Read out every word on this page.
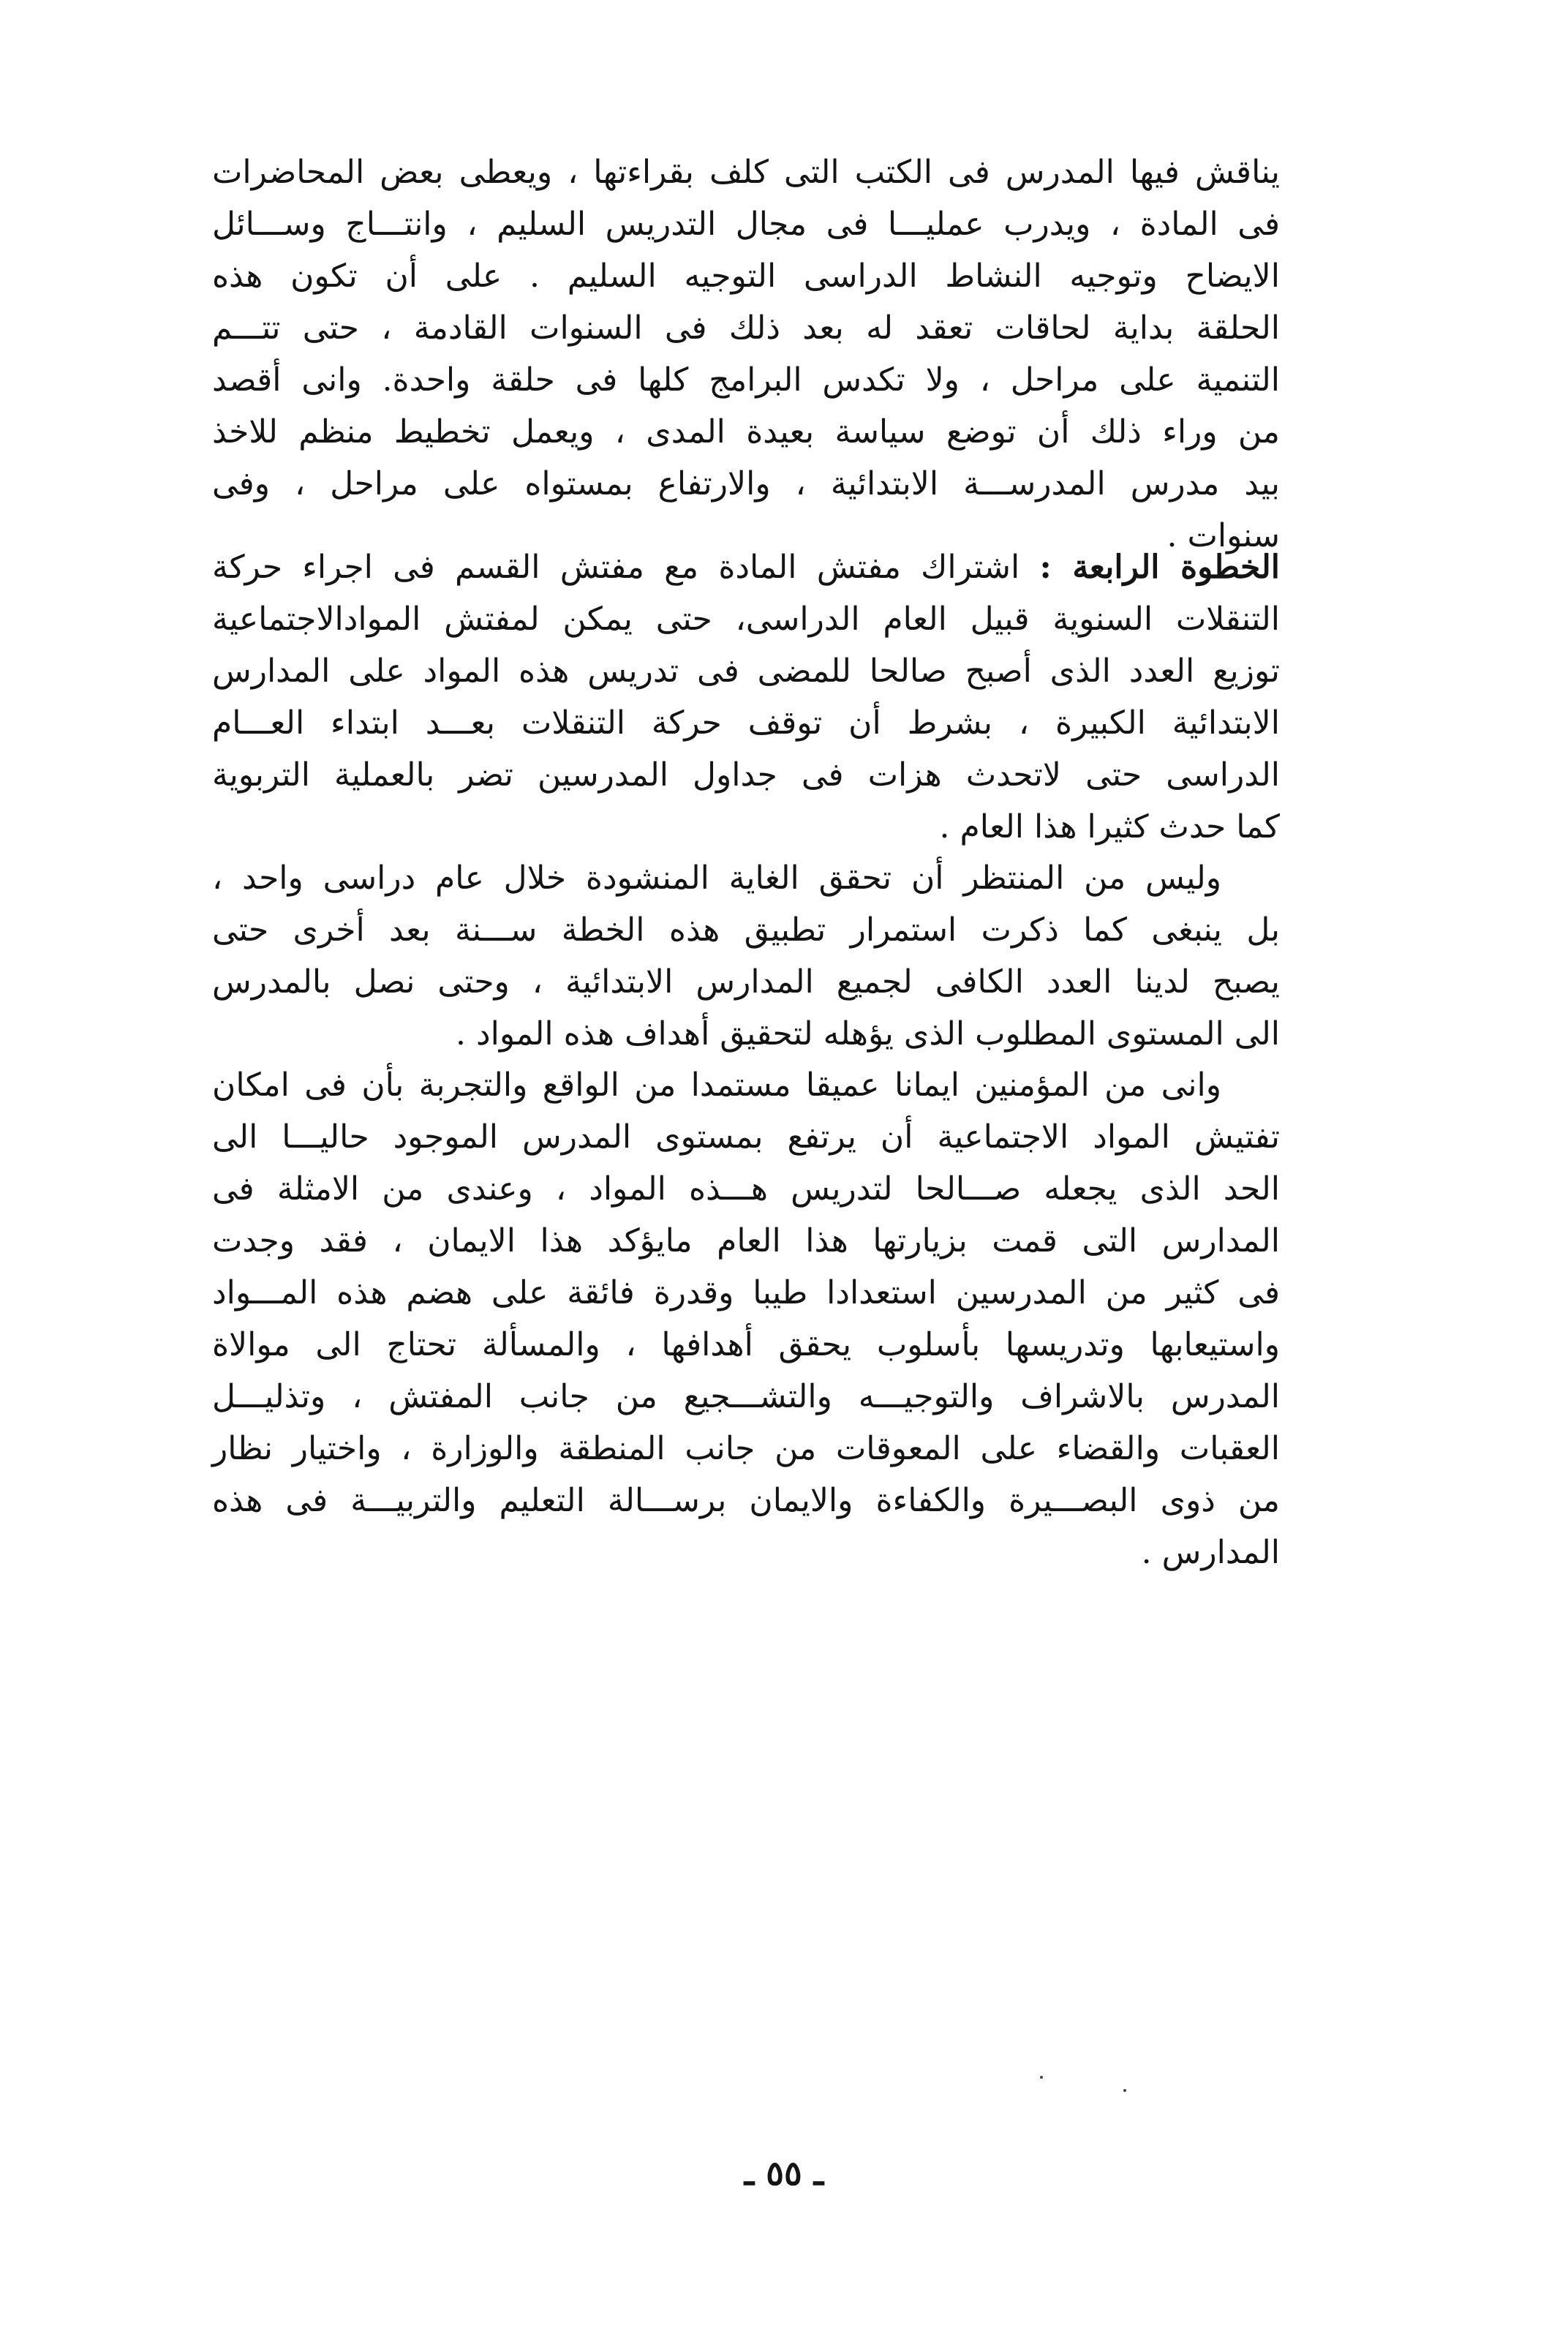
يناقش فيها المدرس فى الكتب التى كلف بقراءتها ، ويعطى بعض المحاضرات
فى المادة ، ويدرب عمليـــا فى مجال التدريس السليم ، وانتـــاج وســـائل
الايضاح وتوجيه النشاط الدراسى التوجيه السليم . على أن تكون هذه
الحلقة بداية لحاقات تعقد له بعد ذلك فى السنوات القادمة ، حتى تتـــم
التنمية على مراحل ، ولا تكدس البرامج كلها فى حلقة واحدة. وانى أقصد
من وراء ذلك أن توضع سياسة بعيدة المدى ، ويعمل تخطيط منظم للاخذ
بيد مدرس المدرســـة الابتدائية ، والارتفاع بمستواه على مراحل ، وفى
سنوات .
الخطوة الرابعة : اشتراك مفتش المادة مع مفتش القسم فى اجراء حركة
التنقلات السنوية قبيل العام الدراسى، حتى يمكن لمفتش الموادالاجتماعية
توزيع العدد الذى أصبح صالحا للمضى فى تدريس هذه المواد على المدارس
الابتدائية الكبيرة ، بشرط أن توقف حركة التنقلات بعـــد ابتداء العـــام
الدراسى حتى لاتحدث هزات فى جداول المدرسين تضر بالعملية التربوية
كما حدث كثيرا هذا العام .
وليس من المنتظر أن تحقق الغاية المنشودة خلال عام دراسى واحد ،
بل ينبغى كما ذكرت استمرار تطبيق هذه الخطة ســـنة بعد أخرى حتى
يصبح لدينا العدد الكافى لجميع المدارس الابتدائية ، وحتى نصل بالمدرس
الى المستوى المطلوب الذى يؤهله لتحقيق أهداف هذه المواد .
وانى من المؤمنين ايمانا عميقا مستمدا من الواقع والتجربة بأن فى امكان
تفتيش المواد الاجتماعية أن يرتفع بمستوى المدرس الموجود حاليـــا الى
الحد الذى يجعله صـــالحا لتدريس هـــذه المواد ، وعندى من الامثلة فى
المدارس التى قمت بزيارتها هذا العام مايؤكد هذا الايمان ، فقد وجدت
فى كثير من المدرسين استعدادا طيبا وقدرة فائقة على هضم هذه المـــواد
واستيعابها وتدريسها بأسلوب يحقق أهدافها ، والمسألة تحتاج الى موالاة
المدرس بالاشراف والتوجيـــه والتشـــجيع من جانب المفتش ، وتذليـــل
العقبات والقضاء على المعوقات من جانب المنطقة والوزارة ، واختيار نظار
من ذوى البصـــيرة والكفاءة والايمان برســـالة التعليم والتربيـــة فى هذه
المدارس .
ـ ٥٥ ـ
